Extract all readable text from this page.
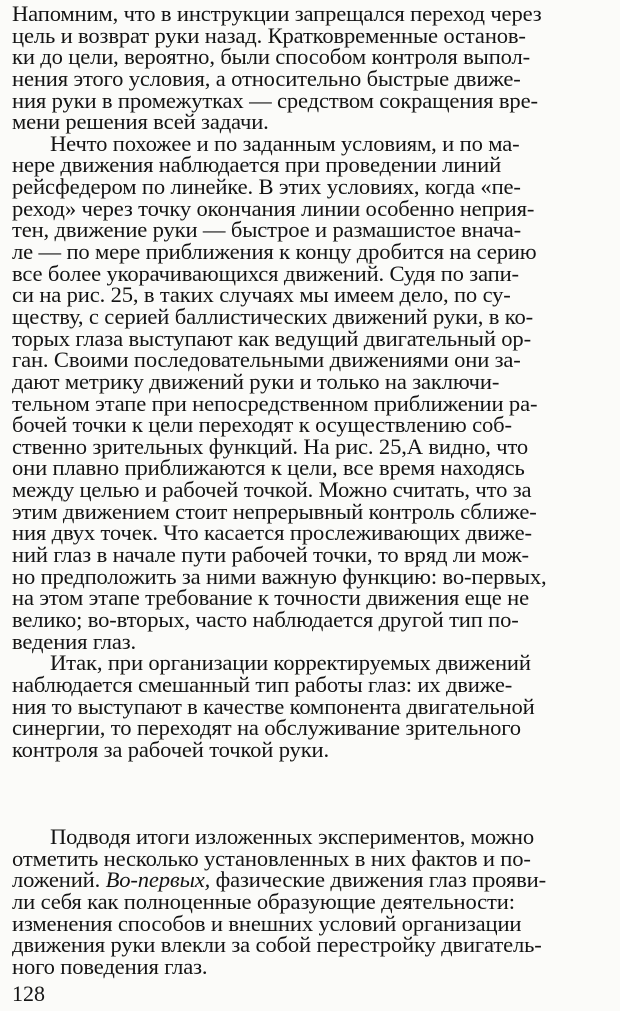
Напомним, что в инструкции запрещался переход через
цель и возврат руки назад. Кратковременные останов-
ки до цели, вероятно, были способом контроля выпол-
нения этого условия, а относительно быстрые движе-
ния руки в промежутках — средством сокращения вре-
мени решения всей задачи.
Нечто похожее и по заданным условиям, и по ма-
нере движения наблюдается при проведении линий
рейсфедером по линейке. В этих условиях, когда «пе-
реход» через точку окончания линии особенно неприя-
тен, движение руки — быстрое и размашистое внача-
ле — по мере приближения к концу дробится на серию
все более укорачивающихся движений. Судя по запи-
си на рис. 25, в таких случаях мы имеем дело, по су-
ществу, с серией баллистических движений руки, в ко-
торых глаза выступают как ведущий двигательный ор-
ган. Своими последовательными движениями они за-
дают метрику движений руки и только на заключи-
тельном этапе при непосредственном приближении ра-
бочей точки к цели переходят к осуществлению соб-
ственно зрительных функций. На рис. 25,А видно, что
они плавно приближаются к цели, все время находясь
между целью и рабочей точкой. Можно считать, что за
этим движением стоит непрерывный контроль сближе-
ния двух точек. Что касается прослеживающих движе-
ний глаз в начале пути рабочей точки, то вряд ли мож-
но предположить за ними важную функцию: во-первых,
на этом этапе требование к точности движения еще не
велико; во-вторых, часто наблюдается другой тип по-
ведения глаз.
Итак, при организации корректируемых движений
наблюдается смешанный тип работы глаз: их движе-
ния то выступают в качестве компонента двигательной
синергии, то переходят на обслуживание зрительного
контроля за рабочей точкой руки.
Подводя итоги изложенных экспериментов, можно
отметить несколько установленных в них фактов и по-
ложений. Во-первых, фазические движения глаз прояви-
ли себя как полноценные образующие деятельности:
изменения способов и внешних условий организации
движения руки влекли за собой перестройку двигатель-
ного поведения глаз.
128
